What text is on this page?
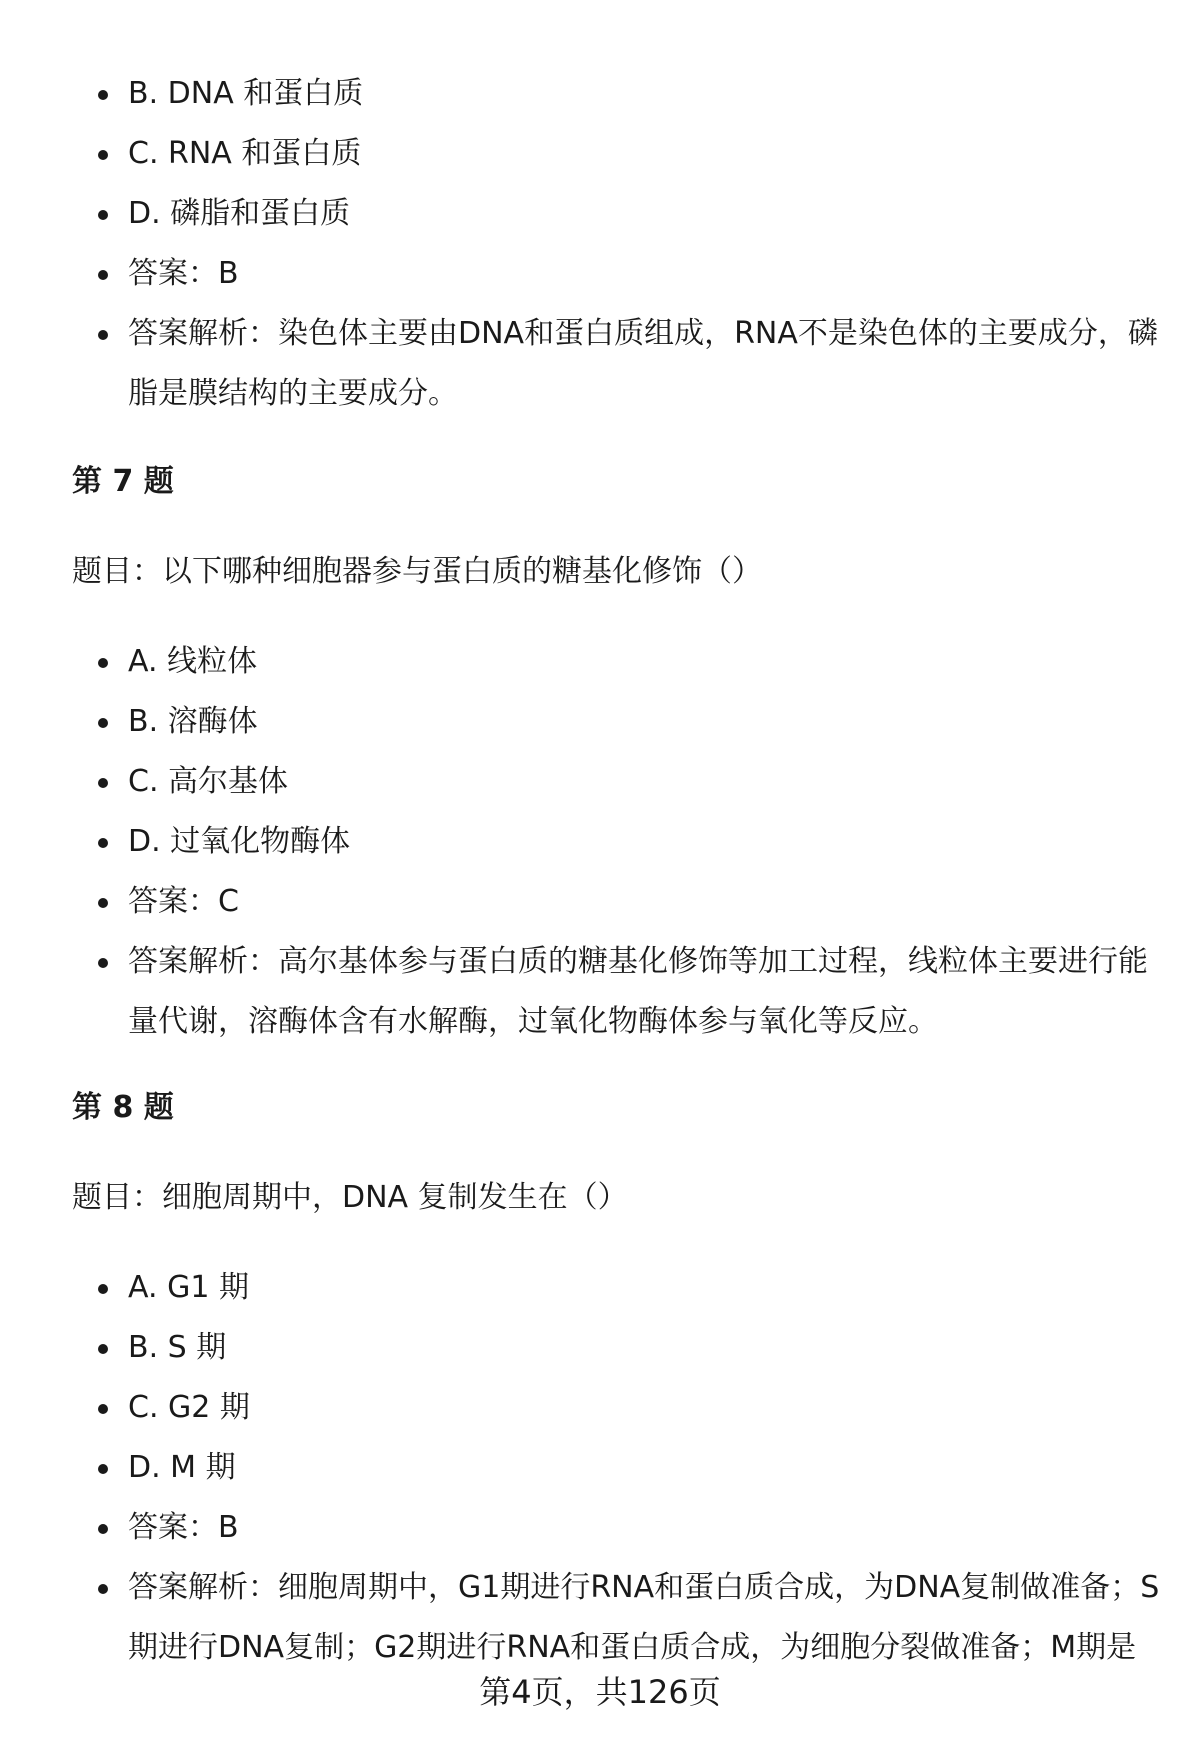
B. DNA 和蛋白质
C. RNA 和蛋白质
D. 磷脂和蛋白质
答案：B
答案解析：染色体主要由DNA和蛋白质组成，RNA不是染色体的主要成分，磷脂是膜结构的主要成分。
第 7 题
题目：以下哪种细胞器参与蛋白质的糖基化修饰（）
A. 线粒体
B. 溶酶体
C. 高尔基体
D. 过氧化物酶体
答案：C
答案解析：高尔基体参与蛋白质的糖基化修饰等加工过程，线粒体主要进行能量代谢，溶酶体含有水解酶，过氧化物酶体参与氧化等反应。
第 8 题
题目：细胞周期中，DNA 复制发生在（）
A. G1 期
B. S 期
C. G2 期
D. M 期
答案：B
答案解析：细胞周期中，G1期进行RNA和蛋白质合成，为DNA复制做准备；S期进行DNA复制；G2期进行RNA和蛋白质合成，为细胞分裂做准备；M期是
第4页，共126页
